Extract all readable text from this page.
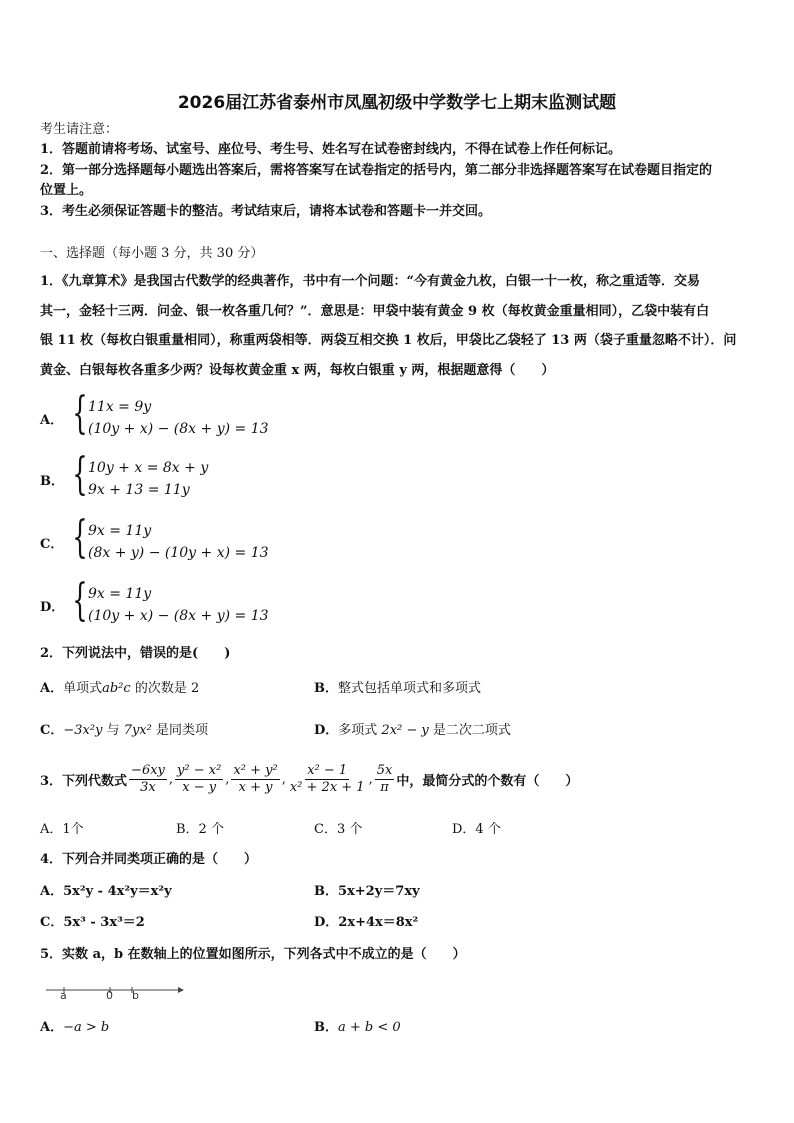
2026届江苏省泰州市凤凰初级中学数学七上期末监测试题
考生请注意：
1．答题前请将考场、试室号、座位号、考生号、姓名写在试卷密封线内，不得在试卷上作任何标记。
2．第一部分选择题每小题选出答案后，需将答案写在试卷指定的括号内，第二部分非选择题答案写在试卷题目指定的
位置上。
3．考生必须保证答题卡的整洁。考试结束后，请将本试卷和答题卡一并交回。
一、选择题（每小题 3 分，共 30 分）
1．《九章算术》是我国古代数学的经典著作，书中有一个问题：“今有黄金九枚，白银一十一枚，称之重适等．交易
其一，金轻十三两．问金、银一枚各重几何？”．意思是：甲袋中装有黄金 9 枚（每枚黄金重量相同），乙袋中装有白
银 11 枚（每枚白银重量相同），称重两袋相等．两袋互相交换 1 枚后，甲袋比乙袋轻了 13 两（袋子重量忽略不计）．问
黄金、白银每枚各重多少两？设每枚黄金重 x 两，每枚白银重 y 两，根据题意得（　　）
A． { 11x = 9y
(10y + x) − (8x + y) = 13
B． { 10y + x = 8x + y
9x + 13 = 11y
C． { 9x = 11y
(8x + y) − (10y + x) = 13
D． { 9x = 11y
(10y + x) − (8x + y) = 13
2．下列说法中，错误的是(　　)
A．单项式ab²c 的次数是 2	B．整式包括单项式和多项式
C．−3x²y 与 7yx² 是同类项	D．多项式 2x² − y 是二次二项式
3．下列代数式 $\frac{-6xy}{3x}$ , $\frac{\text{y² − x²}}{x - y}$ , $\frac{\text{x² + y²}}{x + y}$ , $\frac{\text{x² − 1}}{\text{x² + 2x + 1}}$ , $\frac{5x}{\pi}$ 中，最简分式的个数有（　　）
A．1个	B．2 个	C．3 个	D．4 个
4．下列合并同类项正确的是（　　）
A．5x²y - 4x²y＝x²y	B．5x+2y＝7xy
C．5x³ - 3x³＝2	D．2x+4x＝8x²
5．实数 a，b 在数轴上的位置如图所示，下列各式中不成立的是（　　）
a	0 b
A．−a > b	B．a + b < 0
